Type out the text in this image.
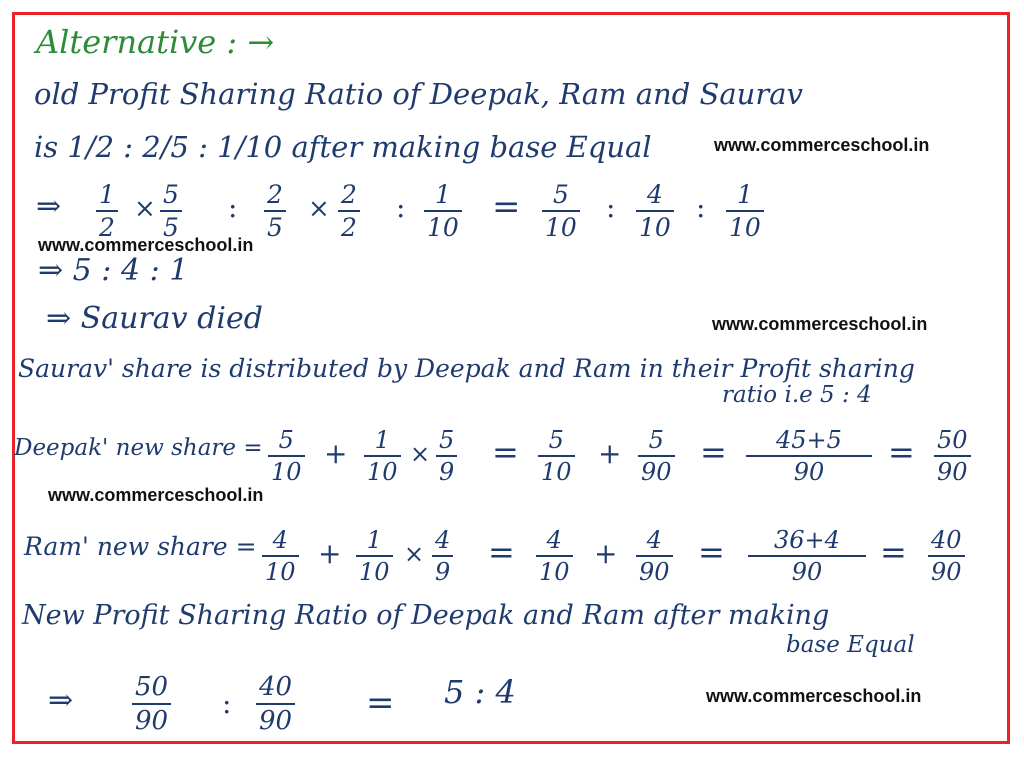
Alternative : →
old Profit Sharing Ratio of Deepak, Ram and Saurav
is 1/2 : 2/5 : 1/10 after making base Equal	www.commerceschool.in
⇒ 1
2
× 5
5
: 2
5
× 2
2
: 1
10
= 5
10
: 4
10
: 1
10
www.commerceschool.in
⇒ 5 : 4 : 1
⇒ Saurav died	www.commerceschool.in
Saurav' share is distributed by Deepak and Ram in their Profit sharing
ratio i.e 5 : 4
Deepak' new share = 5
10
+ 1
10
× 5
9
= 5
10
+ 5
90
=	45+5
90
= 50
90
www.commerceschool.in
Ram' new share = 4
10
+ 1
10
× 4
9
= 4
10
+ 4
90
=	36+4
90
= 40
90
New Profit Sharing Ratio of Deepak and Ram after making
base Equal
⇒ 50
90
: 40
90 = 5 : 4	www.commerceschool.in
